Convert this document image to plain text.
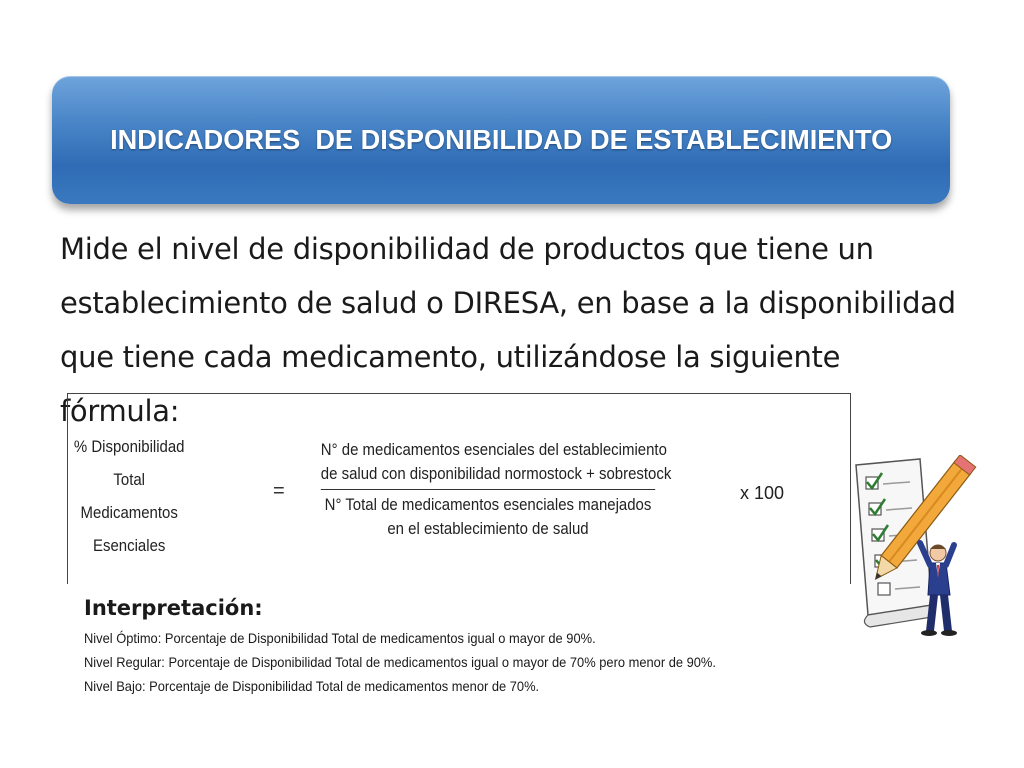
INDICADORES  DE DISPONIBILIDAD DE ESTABLECIMIENTO
Mide el nivel de disponibilidad de productos que tiene un
establecimiento de salud o DIRESA, en base a la disponibilidad
que tiene cada medicamento, utilizándose la siguiente fórmula:
% Disponibilidad
Total
Medicamentos
Esenciales
=
N° de medicamentos esenciales del establecimiento
de salud con disponibilidad normostock + sobrestock
N° Total de medicamentos esenciales manejados
en el establecimiento de salud
x 100
Interpretación:
Nivel Óptimo: Porcentaje de Disponibilidad Total de medicamentos igual o mayor de 90%.
Nivel Regular: Porcentaje de Disponibilidad Total de medicamentos igual o mayor de 70% pero menor de 90%.
Nivel Bajo: Porcentaje de Disponibilidad Total de medicamentos menor de 70%.
